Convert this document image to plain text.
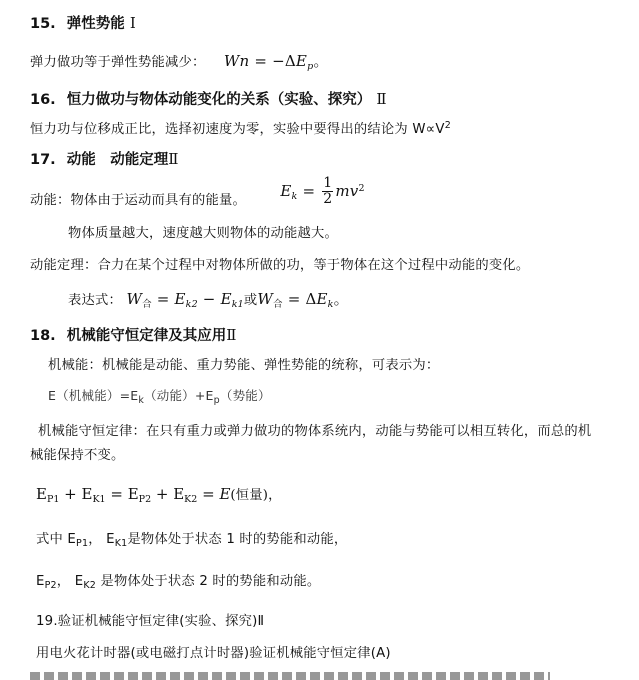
15. 弹性势能 Ⅰ
弹力做功等于弹性势能减少： $Wn = -\Delta E_p$。
16. 恒力做功与物体动能变化的关系（实验、探究） Ⅱ
恒力功与位移成正比，选择初速度为零，实验中要得出的结论为 $W\propto V^2$
17. 动能　动能定理Ⅱ
动能：物体由于运动而具有的能量。 $E_k = \frac{1}{2} mv^2$
物体质量越大，速度越大则物体的动能越大。
动能定理：合力在某个过程中对物体所做的功，等于物体在这个过程中动能的变化。
表达式： $W_合 = E_{k2} - E_{k1}$或$W_合 = \Delta E_k$。
18. 机械能守恒定律及其应用Ⅱ
机械能：机械能是动能、重力势能、弹性势能的统称，可表示为：
E（机械能）$=E_k$（动能）$+E_p$（势能）
机械能守恒定律：在只有重力或弹力做功的物体系统内，动能与势能可以相互转化，而总的机
械能保持不变。
$E_{P1} + E_{K1} = E_{P2} + E_{K2} = E$(恒量)，
式中 $E_{P1}$， $E_{K1}$是物体处于状态 1 时的势能和动能，
$E_{P2}$， $E_{K2}$ 是物体处于状态 2 时的势能和动能。
19.验证机械能守恒定律(实验、探究)Ⅱ
用电火花计时器(或电磁打点计时器)验证机械能守恒定律(A)
